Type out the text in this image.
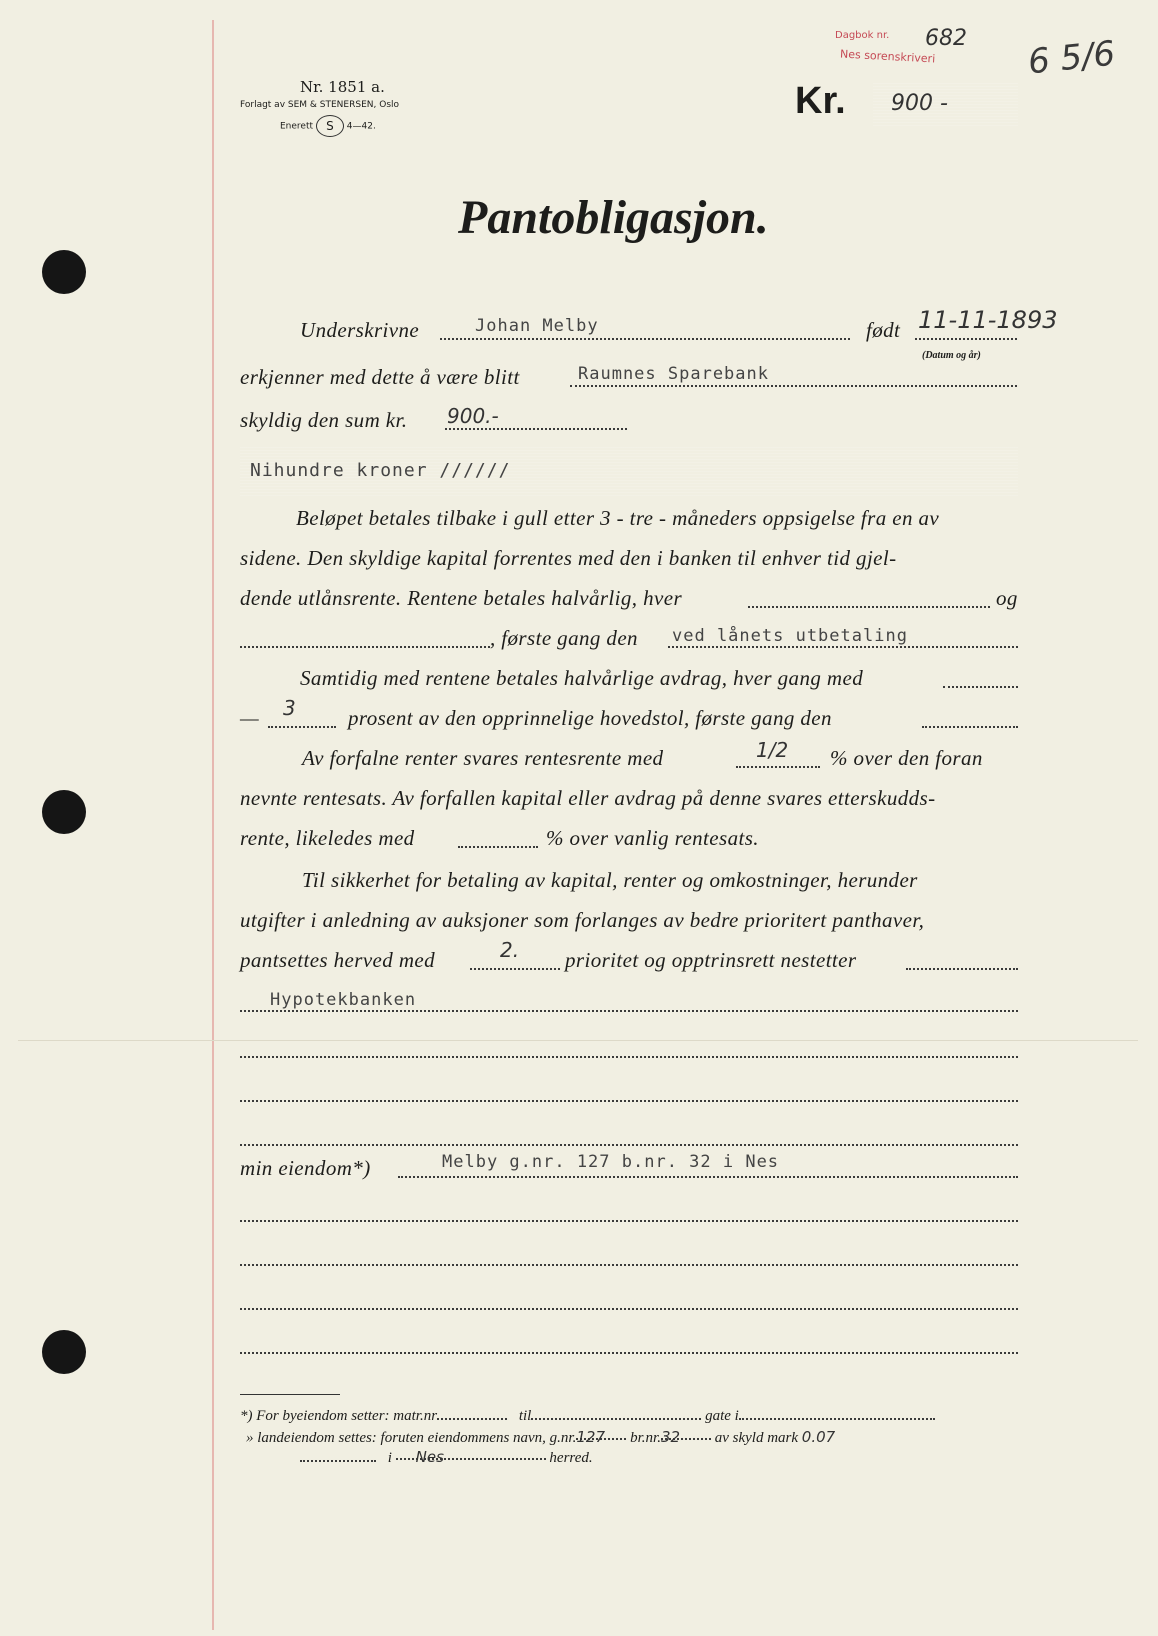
Nr. 1851 a.
Forlagt av SEM & STENERSEN, Oslo
Enerett S 4—42.
Kr. 900 -
Dagbok nr. 682
Nes sorenskriveri	6 5/6
Pantobligasjon.
Underskrivne	Johan Melby	født 11-11-1893
(Datum og år)
erkjenner med dette å være blitt	Raumnes Sparebank
skyldig den sum kr. 900.-
Nihundre kroner //////
Beløpet betales tilbake i gull etter 3 - tre - måneders oppsigelse fra en av
sidene. Den skyldige kapital forrentes med den i banken til enhver tid gjel-
dende utlånsrente. Rentene betales halvårlig, hver	og
, første gang den ved lånets utbetaling
Samtidig med rentene betales halvårlige avdrag, hver gang med
— 3 prosent av den opprinnelige hovedstol, første gang den
Av forfalne renter svares rentesrente med	1/2 % over den foran
nevnte rentesats. Av forfallen kapital eller avdrag på denne svares etterskudds-
rente, likeledes med	% over vanlig rentesats.
Til sikkerhet for betaling av kapital, renter og omkostninger, herunder
utgifter i anledning av auksjoner som forlanges av bedre prioritert panthaver,
pantsettes herved med	2. prioritet og opptrinsrett nestetter
Hypotekbanken
min eiendom*)	Melby g.nr. 127 b.nr. 32 i Nes
*) For byeiendom setter: matr.nr	til	gate i
» landeiendom settes: foruten eiendommens navn, g.nr.127 br.nr.32 av skyld mark 0.07
i Nes	herred.
